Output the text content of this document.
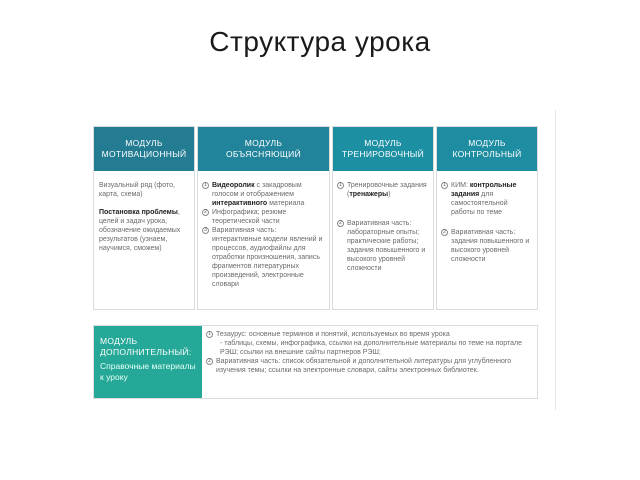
Структура урока
МОДУЛЬ
МОТИВАЦИОННЫЙ
Визуальный ряд (фото, карта, схема)
Постановка проблемы, целей и задач урока, обозначение ожидаемых результатов (узнаем, научимся, сможем)
МОДУЛЬ
ОБЪЯСНЯЮЩИЙ
1 Видеоролик с закадровым голосом и отображением интерактивного материала
2 Инфографика; резюме теоретической части
3 Вариативная часть: интерактивные модели явлений и процессов, аудиофайлы для отработки произношения, запись фрагментов литературных произведений, электронные словари
МОДУЛЬ
ТРЕНИРОВОЧНЫЙ
1 Тренировочные задания (тренажеры)
2 Вариативная часть: лабораторные опыты; практические работы; задания повышенного и высокого уровней сложности
МОДУЛЬ
КОНТРОЛЬНЫЙ
1 КИМ: контрольные задания для самостоятельной работы по теме
2 Вариативная часть: задания повышенного и высокого уровней сложности
МОДУЛЬ
ДОПОЛНИТЕЛЬНЫЙ:
Справочные материалы к уроку
1 Тезаурус: основные терминов и понятий, используемых во время урока
- таблицы, схемы, инфографика, ссылки на дополнительные материалы по теме на портале РЭШ; ссылки на внешние сайты партнеров РЭШ;
2 Вариативная часть: список обязательной и дополнительной литературы для углубленного изучения темы; ссылки на электронные словари, сайты электронных библиотек.
